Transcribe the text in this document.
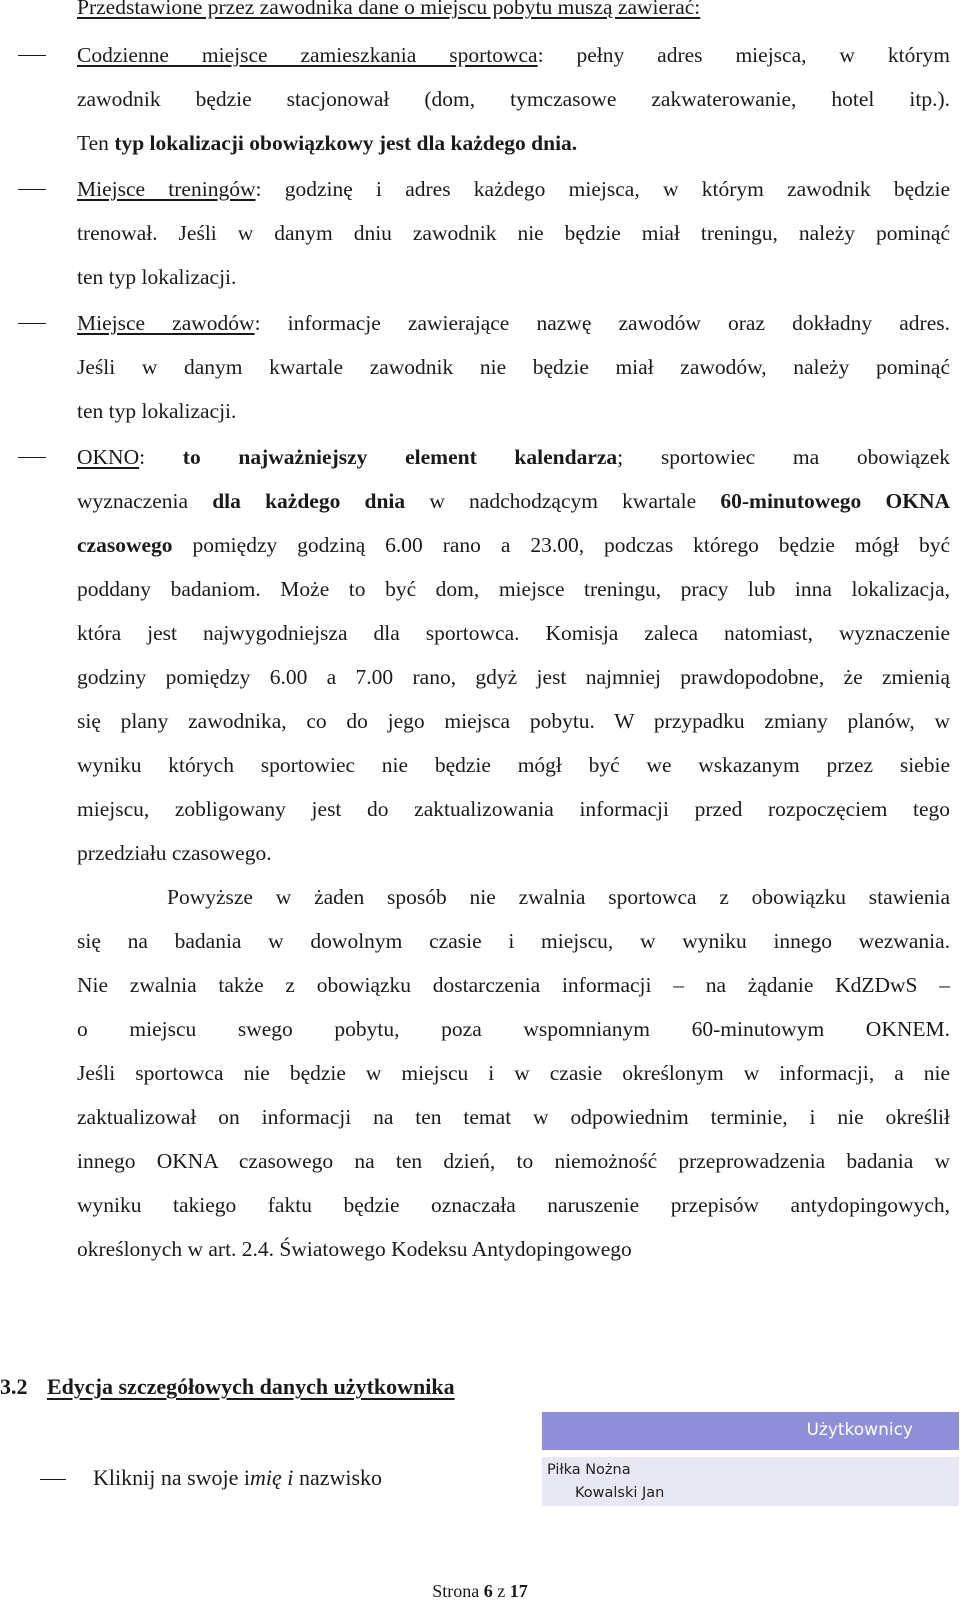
Przedstawione przez zawodnika dane o miejscu pobytu muszą zawierać:
Codzienne miejsce zamieszkania sportowca: pełny adres miejsca, w którym
zawodnik będzie stacjonował (dom, tymczasowe zakwaterowanie, hotel itp.).
Ten typ lokalizacji obowiązkowy jest dla każdego dnia.
Miejsce treningów: godzinę i adres każdego miejsca, w którym zawodnik będzie
trenował. Jeśli w danym dniu zawodnik nie będzie miał treningu, należy pominąć
ten typ lokalizacji.
Miejsce zawodów: informacje zawierające nazwę zawodów oraz dokładny adres.
Jeśli w danym kwartale zawodnik nie będzie miał zawodów, należy pominąć
ten typ lokalizacji.
OKNO: to najważniejszy element kalendarza; sportowiec ma obowiązek
wyznaczenia dla każdego dnia w nadchodzącym kwartale 60-minutowego OKNA
czasowego pomiędzy godziną 6.00 rano a 23.00, podczas którego będzie mógł być
poddany badaniom. Może to być dom, miejsce treningu, pracy lub inna lokalizacja,
która jest najwygodniejsza dla sportowca. Komisja zaleca natomiast, wyznaczenie
godziny pomiędzy 6.00 a 7.00 rano, gdyż jest najmniej prawdopodobne, że zmienią
się plany zawodnika, co do jego miejsca pobytu. W przypadku zmiany planów, w
wyniku których sportowiec nie będzie mógł być we wskazanym przez siebie
miejscu, zobligowany jest do zaktualizowania informacji przed rozpoczęciem tego
przedziału czasowego.
Powyższe w żaden sposób nie zwalnia sportowca z obowiązku stawienia
się na badania w dowolnym czasie i miejscu, w wyniku innego wezwania.
Nie zwalnia także z obowiązku dostarczenia informacji – na żądanie KdZDwS –
o miejscu swego pobytu, poza wspomnianym 60-minutowym OKNEM.
Jeśli sportowca nie będzie w miejscu i w czasie określonym w informacji, a nie
zaktualizował on informacji na ten temat w odpowiednim terminie, i nie określił
innego OKNA czasowego na ten dzień, to niemożność przeprowadzenia badania w
wyniku takiego faktu będzie oznaczała naruszenie przepisów antydopingowych,
określonych w art. 2.4. Światowego Kodeksu Antydopingowego
3.2 Edycja szczegółowych danych użytkownika
Kliknij na swoje imię i nazwisko
Użytkownicy
Piłka Nożna
Kowalski Jan
Strona 6 z 17
